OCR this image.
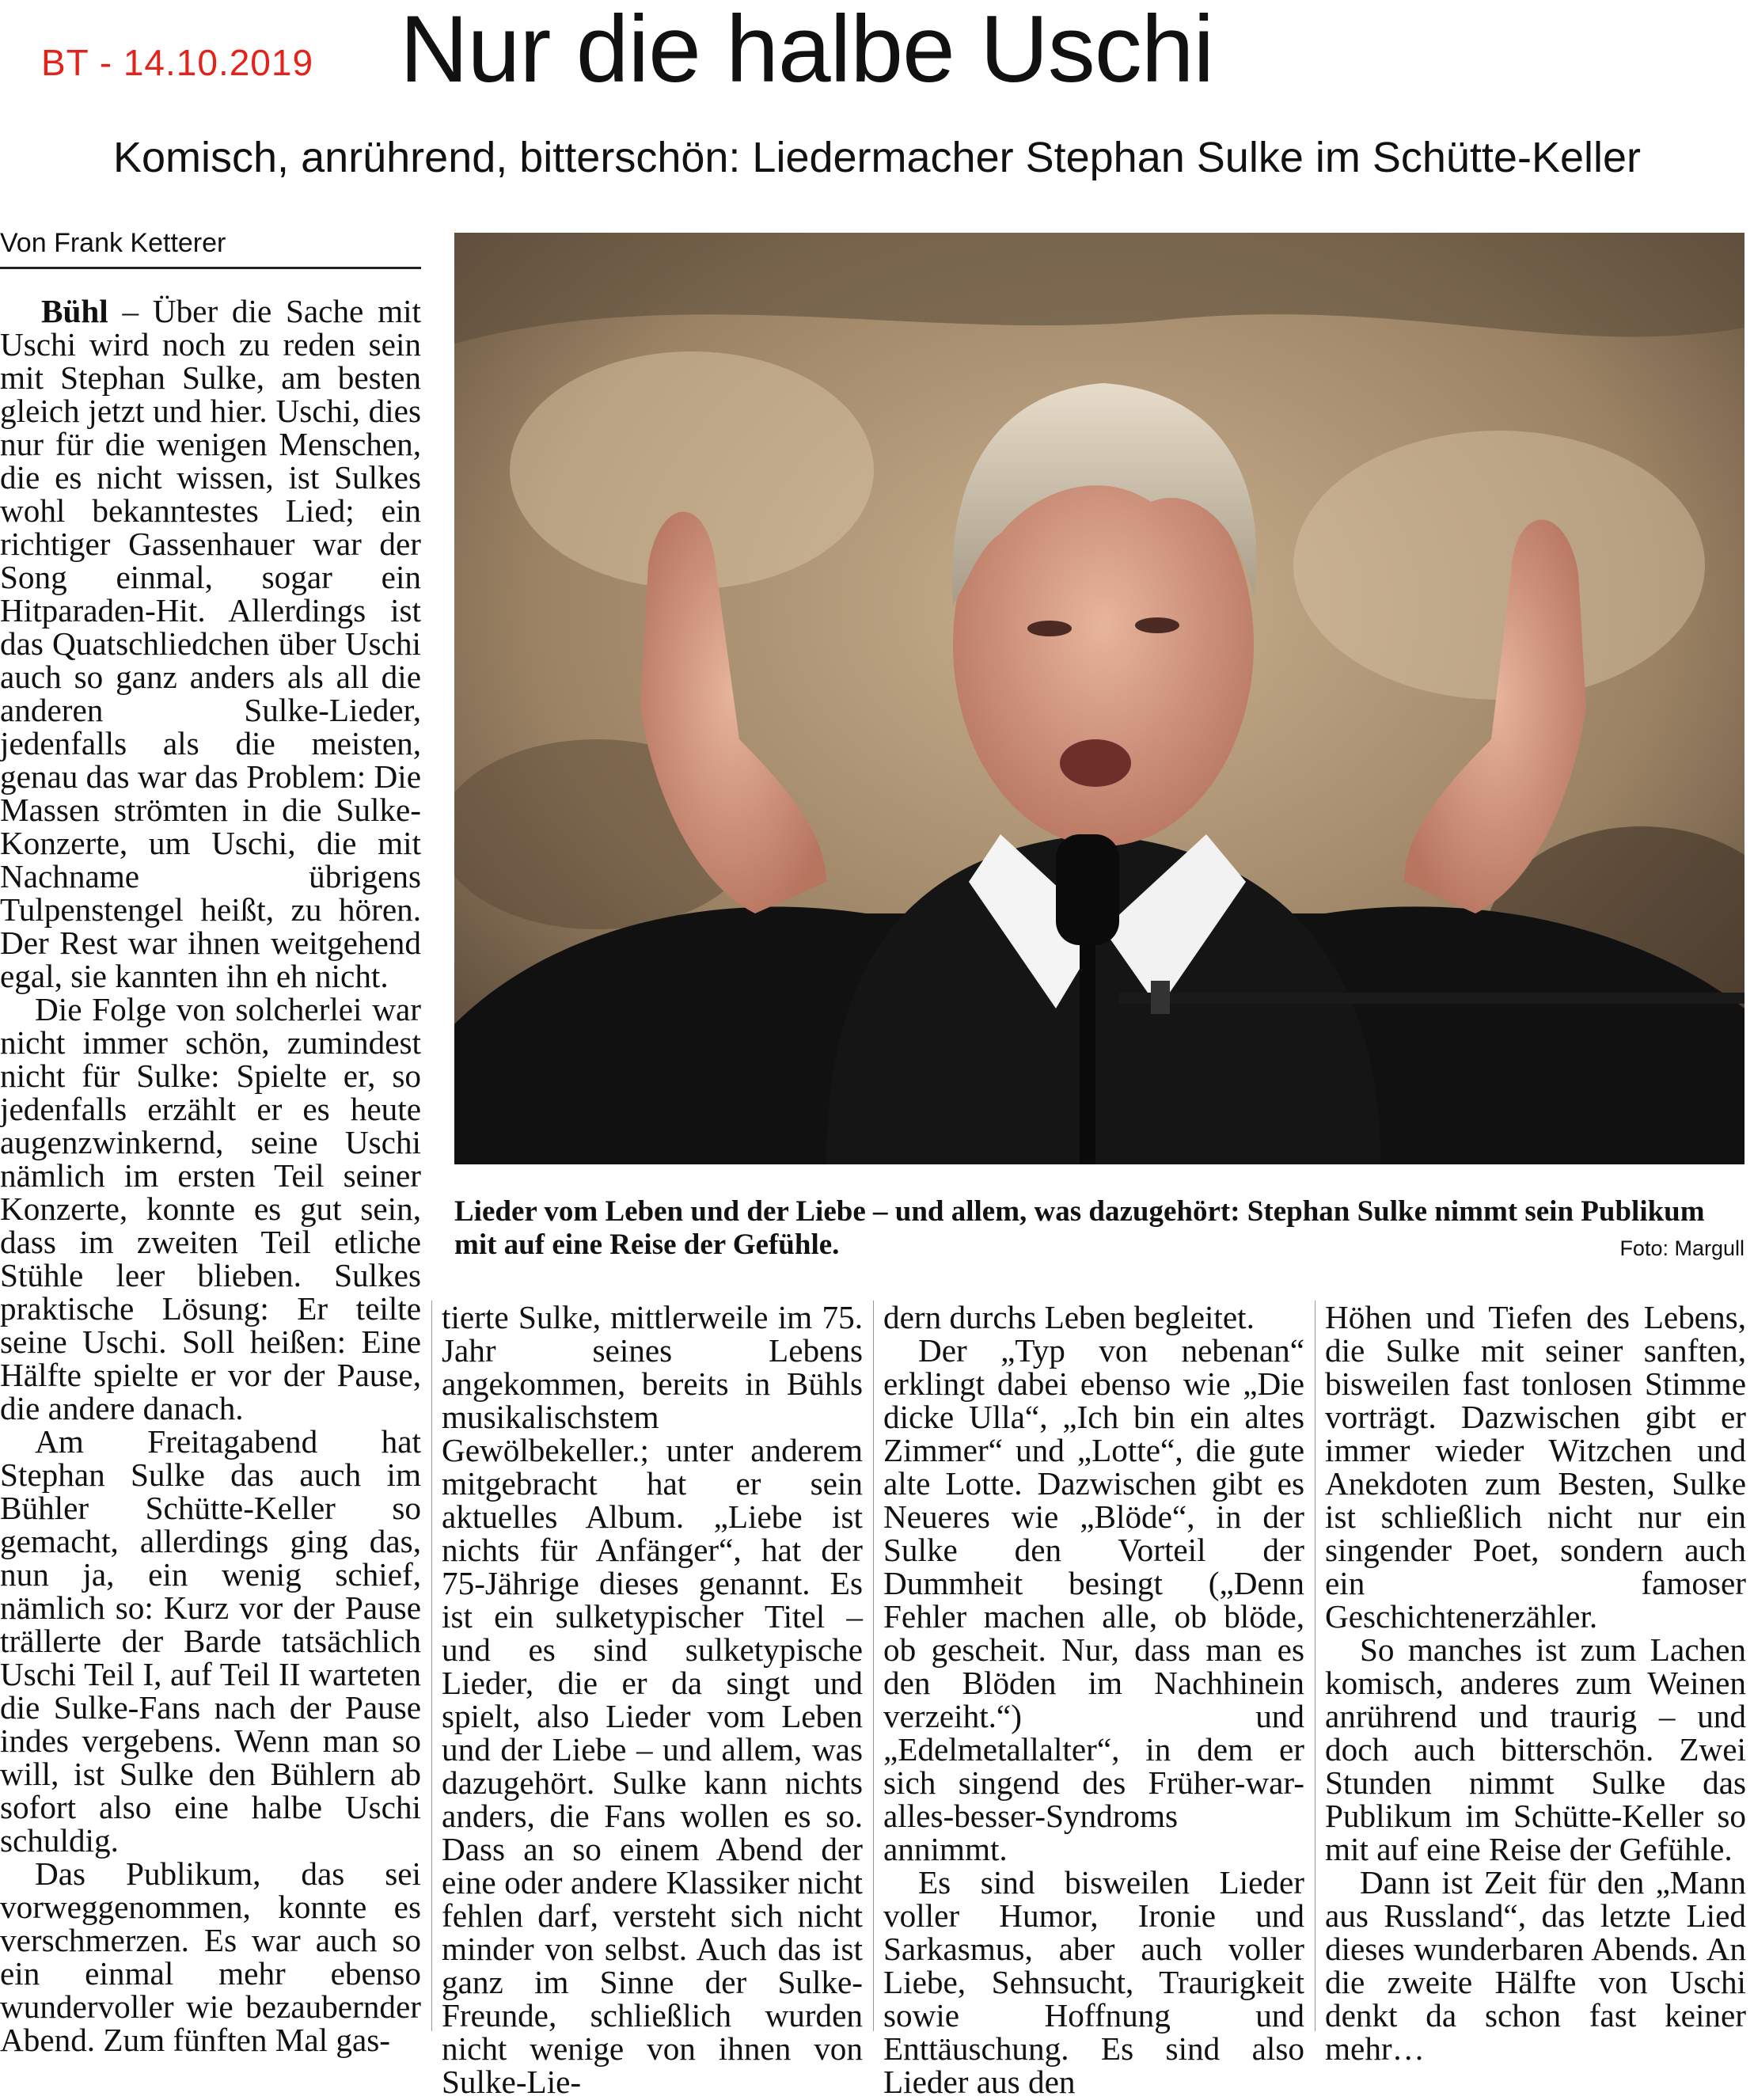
BT - 14.10.2019 Nur die halbe Uschi
Komisch, anrührend, bitterschön: Liedermacher Stephan Sulke im Schütte-Keller
Von Frank Ketterer

Bühl – Über die Sache mit Uschi wird noch zu reden sein mit Stephan Sulke, am besten gleich jetzt und hier. Uschi, dies nur für die wenigen Menschen, die es nicht wissen, ist Sulkes wohl bekanntestes Lied; ein richtiger Gassenhauer war der Song einmal, sogar ein Hitparaden-Hit. Allerdings ist das Quatschliedchen über Uschi auch so ganz anders als all die anderen Sulke-Lieder, jedenfalls als die meisten, genau das war das Problem: Die Massen strömten in die Sulke-Konzerte, um Uschi, die mit Nachname übrigens Tulpenstengel heißt, zu hören. Der Rest war ihnen weitgehend egal, sie kannten ihn eh nicht.

Die Folge von solcherlei war nicht immer schön, zumindest nicht für Sulke: Spielte er, so jedenfalls erzählt er es heute augenzwinkernd, seine Uschi nämlich im ersten Teil seiner Konzerte, konnte es gut sein, dass im zweiten Teil etliche Stühle leer blieben. Sulkes praktische Lösung: Er teilte seine Uschi. Soll heißen: Eine Hälfte spielte er vor der Pause, die andere danach.

Am Freitagabend hat Stephan Sulke das auch im Bühler Schütte-Keller so gemacht, allerdings ging das, nun ja, ein wenig schief, nämlich so: Kurz vor der Pause trällerte der Barde tatsächlich Uschi Teil I, auf Teil II warteten die Sulke-Fans nach der Pause indes vergebens. Wenn man so will, ist Sulke den Bühlern ab sofort also eine halbe Uschi schuldig.

Das Publikum, das sei vorweggenommen, konnte es verschmerzen. Es war auch so ein einmal mehr ebenso wundervoller wie bezaubernder Abend. Zum fünften Mal gas-

Lieder vom Leben und der Liebe – und allem, was dazugehört: Stephan Sulke nimmt sein Publikum mit auf eine Reise der Gefühle.	Foto: Margull

tierte Sulke, mittlerweile im 75. Jahr seines Lebens angekommen, bereits in Bühls musikalischstem Gewölbekeller.; unter anderem mitgebracht hat er sein aktuelles Album. „Liebe ist nichts für Anfänger“, hat der 75-Jährige dieses genannt. Es ist ein sulketypischer Titel – und es sind sulketypische Lieder, die er da singt und spielt, also Lieder vom Leben und der Liebe – und allem, was dazugehört. Sulke kann nichts anders, die Fans wollen es so. Dass an so einem Abend der eine oder andere Klassiker nicht fehlen darf, versteht sich nicht minder von selbst. Auch das ist ganz im Sinne der Sulke-Freunde, schließlich wurden nicht wenige von ihnen von Sulke-Lie-

dern durchs Leben begleitet.

Der „Typ von nebenan“ erklingt dabei ebenso wie „Die dicke Ulla“, „Ich bin ein altes Zimmer“ und „Lotte“, die gute alte Lotte. Dazwischen gibt es Neueres wie „Blöde“, in der Sulke den Vorteil der Dummheit besingt („Denn Fehler machen alle, ob blöde, ob gescheit. Nur, dass man es den Blöden im Nachhinein verzeiht.“) und „Edelmetallalter“, in dem er sich singend des Früher-war-alles-besser-Syndroms annimmt.

Es sind bisweilen Lieder voller Humor, Ironie und Sarkasmus, aber auch voller Liebe, Sehnsucht, Traurigkeit sowie Hoffnung und Enttäuschung. Es sind also Lieder aus den

Höhen und Tiefen des Lebens, die Sulke mit seiner sanften, bisweilen fast tonlosen Stimme vorträgt. Dazwischen gibt er immer wieder Witzchen und Anekdoten zum Besten, Sulke ist schließlich nicht nur ein singender Poet, sondern auch ein famoser Geschichtenerzähler.

So manches ist zum Lachen komisch, anderes zum Weinen anrührend und traurig – und doch auch bitterschön. Zwei Stunden nimmt Sulke das Publikum im Schütte-Keller so mit auf eine Reise der Gefühle.

Dann ist Zeit für den „Mann aus Russland“, das letzte Lied dieses wunderbaren Abends. An die zweite Hälfte von Uschi denkt da schon fast keiner mehr…
